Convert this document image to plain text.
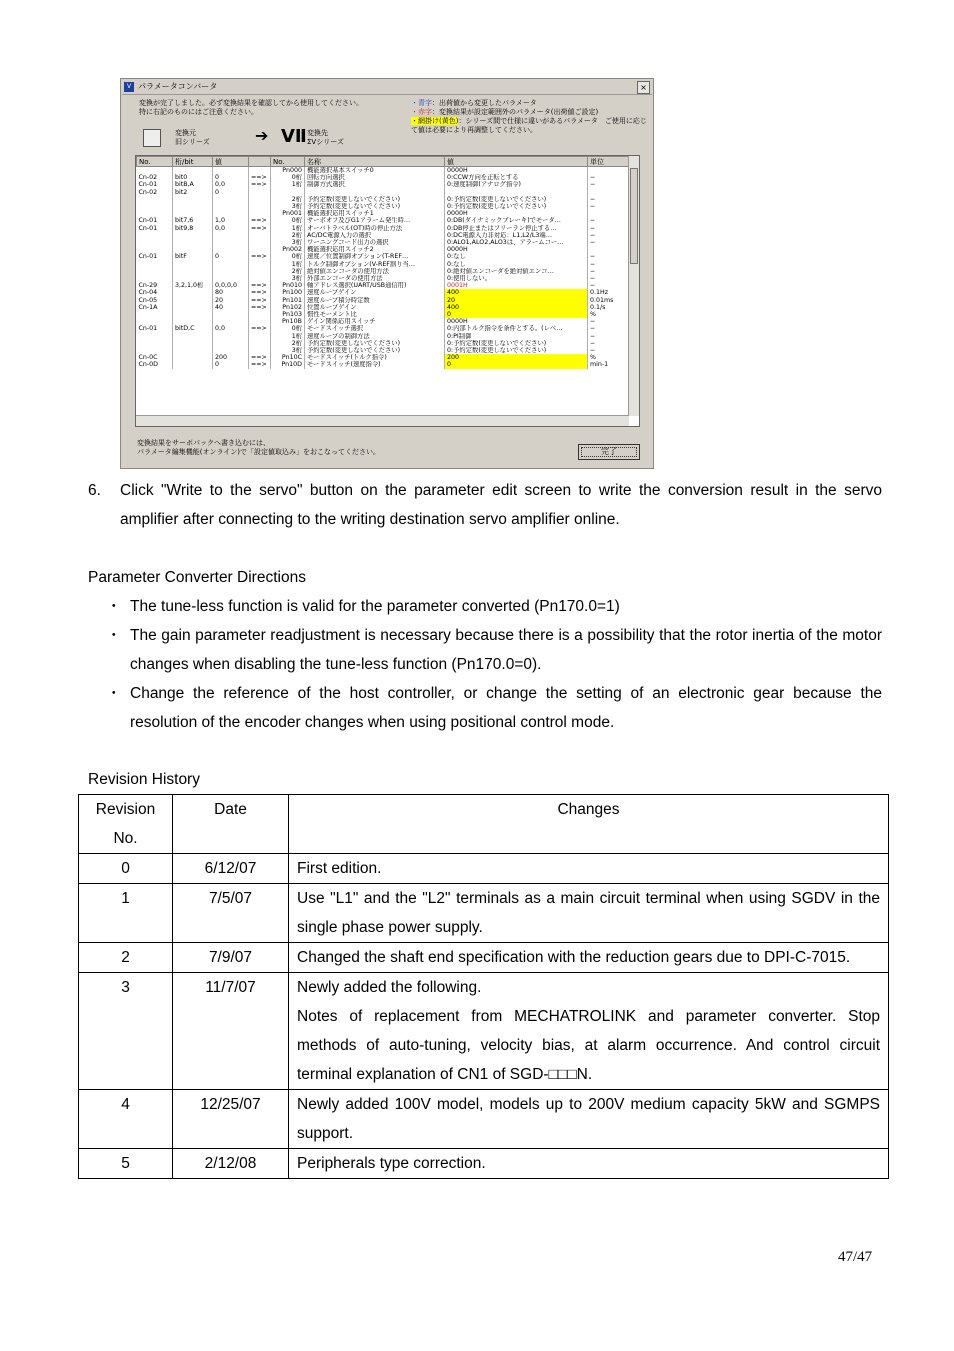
V パラメータコンバータ	×
変換が完了しました。必ず変換結果を確認してから使用してください。
特に右記のものにはご注意ください。
・青字：出荷値から変更したパラメータ
・赤字：変換結果が設定範囲外のパラメータ(出荷値ご設定)
・網掛け(黄色)：シリーズ間で仕様に違いがあるパラメータ　ご使用に応じて値は必要により再調整してください。
変換元
旧シリーズ	➔ VⅡ 変換先
ΣⅤシリーズ
No.	桁/bit	値		No.	名称	値	単位
				Pn000	機能選択基本スイッチ0	0000H	
Cn-02	bit0	0	==>	0桁	回転方向選択	0:CCW方向を正転とする	−
Cn-01	bitB,A	0,0	==>	1桁	制御方式選択	0:速度制御(アナログ指令)	−
Cn-02	bit2	0					
				2桁	予約定数(変更しないでください)	0:予約定数(変更しないでください)	−
				3桁	予約定数(変更しないでください)	0:予約定数(変更しないでください)	−
				Pn001	機能選択応用スイッチ1	0000H	
Cn-01	bit7,6	1,0	==>	0桁	サーボオフ及びG1アラーム発生時…	0:DB(ダイナミックブレーキ)でモータ…	−
Cn-01	bit9,8	0,0	==>	1桁	オーバトラベル(OT)時の停止方法	0:DB停止またはフリーラン停止する…	−
				2桁	AC/DC電源入力の選択	0:DC電源入力非対応：L1,L2/L3端…	−
				3桁	ワーニングコード出力の選択	0:ALO1,ALO2,ALO3は、アラームコー…	−
				Pn002	機能選択応用スイッチ2	0000H	
Cn-01	bitF	0	==>	0桁	速度／位置制御オプション(T-REF…	0:なし	−
				1桁	トルク制御オプション(V-REF割り当…	0:なし	−
				2桁	絶対値エンコーダの使用方法	0:絶対値エンコーダを絶対値エンコ…	−
				3桁	外部エンコーダの使用方法	0:使用しない。	−
Cn-29	3,2,1,0桁	0,0,0,0	==>	Pn010	軸アドレス選択(UART/USB通信用)	0001H	−
Cn-04		80	==>	Pn100	速度ループゲイン	400	0.1Hz
Cn-05		20	==>	Pn101	速度ループ積分時定数	20	0.01ms
Cn-1A		40	==>	Pn102	位置ループゲイン	400	0.1/s
				Pn103	慣性モーメント比	0	%
				Pn10B	ゲイン関係応用スイッチ	0000H	−
Cn-01	bitD,C	0,0	==>	0桁	モードスイッチ選択	0:内部トルク指令を条件とする。(レベ…	−
				1桁	速度ループの制御方法	0:PI制御	−
				2桁	予約定数(変更しないでください)	0:予約定数(変更しないでください)	−
				3桁	予約定数(変更しないでください)	0:予約定数(変更しないでください)	−
Cn-0C		200	==>	Pn10C	モードスイッチ(トルク指令)	200	%
Cn-0D		0	==>	Pn10D	モードスイッチ(速度指令)	0	min-1
変換結果をサーボパックへ書き込むには、
パラメータ編集機能(オンライン)で「設定値取込み」をおこなってください。	完了
6. Click "Write to the servo" button on the parameter edit screen to write the conversion result in the servo amplifier after connecting to the writing destination servo amplifier online.
Parameter Converter Directions
・ The tune-less function is valid for the parameter converted (Pn170.0=1)
・ The gain parameter readjustment is necessary because there is a possibility that the rotor inertia of the motor changes when disabling the tune-less function (Pn170.0=0).
・ Change the reference of the host controller, or change the setting of an electronic gear because the resolution of the encoder changes when using positional control mode.
Revision History
Revision No.	Date	Changes
0	6/12/07	First edition.
1	7/5/07	Use "L1" and the "L2" terminals as a main circuit terminal when using SGDV in the single phase power supply.
2	7/9/07	Changed the shaft end specification with the reduction gears due to DPI-C-7015.
3	11/7/07	Newly added the following.
Notes of replacement from MECHATROLINK and parameter converter. Stop methods of auto-tuning, velocity bias, at alarm occurrence. And control circuit terminal explanation of CN1 of SGD-□□□N.

4	12/25/07	Newly added 100V model, models up to 200V medium capacity 5kW and SGMPS support.
5	2/12/08	Peripherals type correction.
47/47
